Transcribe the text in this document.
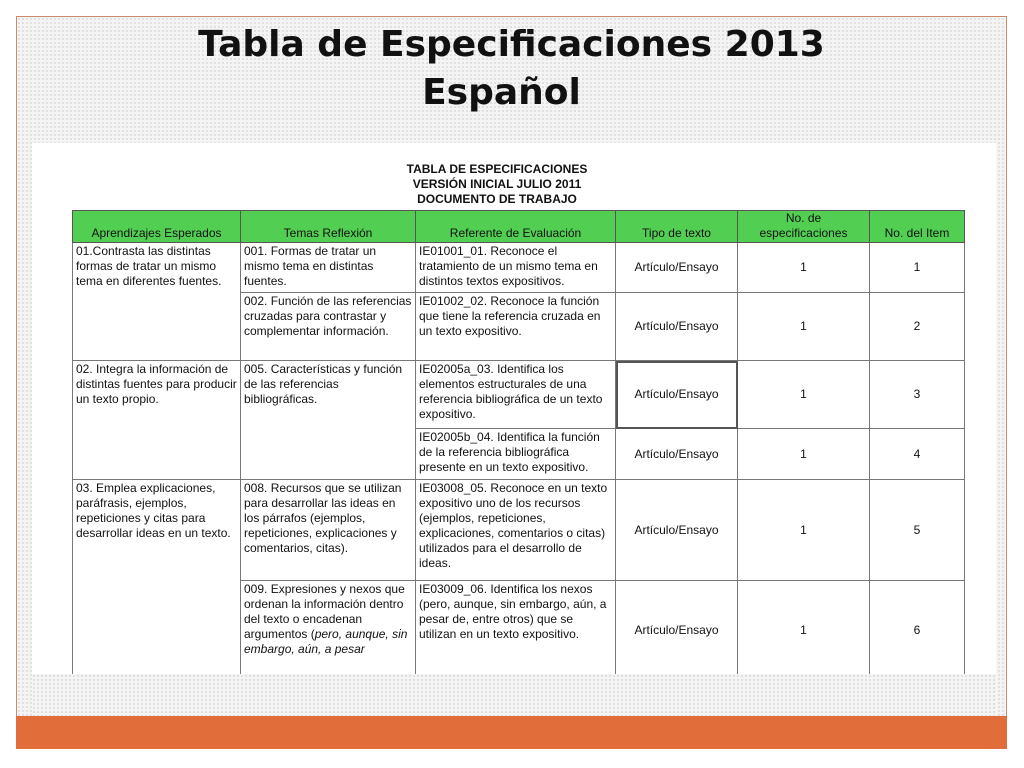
Tabla de Especificaciones 2013
Español
TABLA DE ESPECIFICACIONES
VERSIÓN INICIAL JULIO 2011
DOCUMENTO DE TRABAJO
Aprendizajes Esperados	Temas Reflexión	Referente de Evaluación	Tipo de texto	No. de especificaciones	No. del Item
01.Contrasta las distintas formas de tratar un mismo tema en diferentes fuentes.	001. Formas de tratar un mismo tema en distintas fuentes.	IE01001_01. Reconoce el tratamiento de un mismo tema en distintos textos expositivos.	Artículo/Ensayo	1	1
	002. Función de las referencias cruzadas para contrastar y complementar información.	IE01002_02. Reconoce la función que tiene la referencia cruzada en un texto expositivo.	Artículo/Ensayo	1	2
02. Integra la información de distintas fuentes para producir un texto propio.	005. Características y función de las referencias bibliográficas.	IE02005a_03. Identifica los elementos estructurales de una referencia bibliográfica de un texto expositivo.	Artículo/Ensayo	1	3
		IE02005b_04. Identifica la función de la referencia bibliográfica presente en un texto expositivo.	Artículo/Ensayo	1	4
03. Emplea explicaciones, paráfrasis, ejemplos, repeticiones y citas para desarrollar ideas en un texto.	008. Recursos que se utilizan para desarrollar las ideas en los párrafos (ejemplos, repeticiones, explicaciones y comentarios, citas).	IE03008_05. Reconoce en un texto expositivo uno de los recursos (ejemplos, repeticiones, explicaciones, comentarios o citas) utilizados para el desarrollo de ideas.	Artículo/Ensayo	1	5
	009. Expresiones y nexos que ordenan la información dentro del texto o encadenan argumentos (pero, aunque, sin embargo, aún, a pesar	IE03009_06. Identifica los nexos (pero, aunque, sin embargo, aún, a pesar de, entre otros) que se utilizan en un texto expositivo.	Artículo/Ensayo	1	6
